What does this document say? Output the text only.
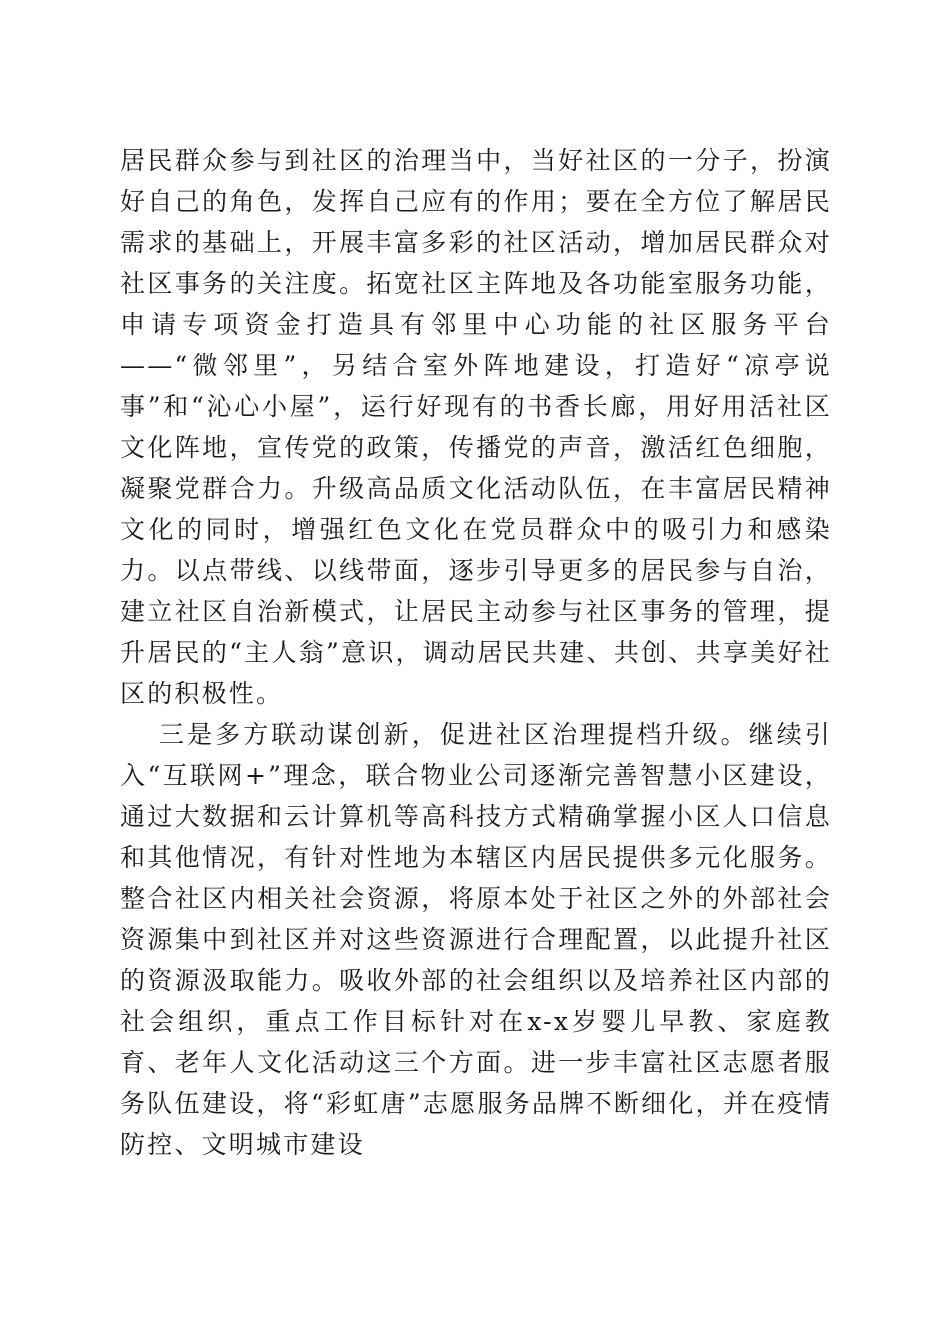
居民群众参与到社区的治理当中，当好社区的一分子，扮演好自己的角色，发挥自己应有的作用；要在全方位了解居民需求的基础上，开展丰富多彩的社区活动，增加居民群众对社区事务的关注度。拓宽社区主阵地及各功能室服务功能，申请专项资金打造具有邻里中心功能的社区服务平台——“微邻里”，另结合室外阵地建设，打造好“凉亭说事”和“沁心小屋”，运行好现有的书香长廊，用好用活社区文化阵地，宣传党的政策，传播党的声音，激活红色细胞，凝聚党群合力。升级高品质文化活动队伍，在丰富居民精神文化的同时，增强红色文化在党员群众中的吸引力和感染力。以点带线、以线带面，逐步引导更多的居民参与自治，建立社区自治新模式，让居民主动参与社区事务的管理，提升居民的“主人翁”意识，调动居民共建、共创、共享美好社区的积极性。

三是多方联动谋创新，促进社区治理提档升级。继续引入“互联网+”理念，联合物业公司逐渐完善智慧小区建设，通过大数据和云计算机等高科技方式精确掌握小区人口信息和其他情况，有针对性地为本辖区内居民提供多元化服务。整合社区内相关社会资源，将原本处于社区之外的外部社会资源集中到社区并对这些资源进行合理配置，以此提升社区的资源汲取能力。吸收外部的社会组织以及培养社区内部的社会组织，重点工作目标针对在x-x岁婴儿早教、家庭教育、老年人文化活动这三个方面。进一步丰富社区志愿者服务队伍建设，将“彩虹唐”志愿服务品牌不断细化，并在疫情防控、文明城市建设
